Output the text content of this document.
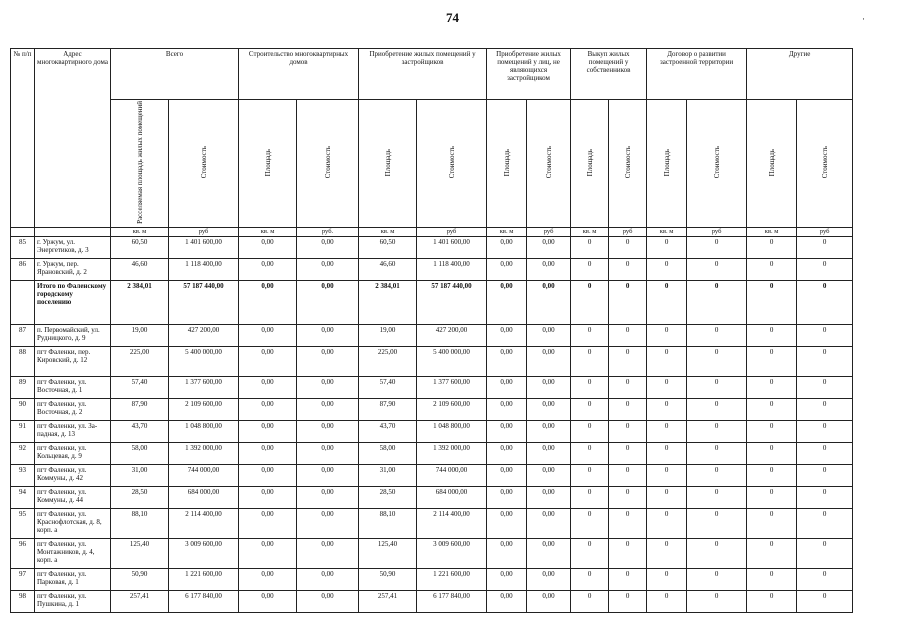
74	·
№ п/п	Адрес многоквартирного дома	Всего		Строительство многоквартирных домов		Приобретение жилых помещений у застройщиков		Приобретение жилых помещений у лиц, не являющихся застройщиком		Выкуп жилых помещений у собственников		Договор о развитии застроенной территории		Другие	
		Расселяемая площадь жилых помещений	Стоимость	Площадь	Стоимость	Площадь	Стоимость	Площадь	Стоимость	Площадь	Стоимость	Площадь	Стоимость	Площадь	Стоимость
		кв. м	руб	кв. м	руб.	кв. м	руб	кв. м	руб	кв. м	руб	кв. м	руб	кв. м	руб
85	г. Уржум, ул. Энергетиков, д. 3	60,50	1 401 600,00	0,00	0,00	60,50	1 401 600,00	0,00	0,00	0	0	0	0	0	0
86	г. Уржум, пер. Ярановский, д. 2	46,60	1 118 400,00	0,00	0,00	46,60	1 118 400,00	0,00	0,00	0	0	0	0	0	0
	Итого по Фаленскому городскому поселению	2 384,01	57 187 440,00	0,00	0,00	2 384,01	57 187 440,00	0,00	0,00	0	0	0	0	0	0
87	п. Первомайский, ул. Рудницкого, д. 9	19,00	427 200,00	0,00	0,00	19,00	427 200,00	0,00	0,00	0	0	0	0	0	0
88	пгт Фаленки, пер. Кировский, д. 12	225,00	5 400 000,00	0,00	0,00	225,00	5 400 000,00	0,00	0,00	0	0	0	0	0	0
89	пгт Фаленки, ул. Восточная, д. 1	57,40	1 377 600,00	0,00	0,00	57,40	1 377 600,00	0,00	0,00	0	0	0	0	0	0
90	пгт Фаленки, ул. Восточная, д. 2	87,90	2 109 600,00	0,00	0,00	87,90	2 109 600,00	0,00	0,00	0	0	0	0	0	0
91	пгт Фаленки, ул. За-падная, д. 13	43,70	1 048 800,00	0,00	0,00	43,70	1 048 800,00	0,00	0,00	0	0	0	0	0	0
92	пгт Фаленки, ул. Кольцевая, д. 9	58,00	1 392 000,00	0,00	0,00	58,00	1 392 000,00	0,00	0,00	0	0	0	0	0	0
93	пгт Фаленки, ул. Коммуны, д. 42	31,00	744 000,00	0,00	0,00	31,00	744 000,00	0,00	0,00	0	0	0	0	0	0
94	пгт Фаленки, ул. Коммуны, д. 44	28,50	684 000,00	0,00	0,00	28,50	684 000,00	0,00	0,00	0	0	0	0	0	0
95	пгт Фаленки, ул. Краснофлотская, д. 8, корп. а	88,10	2 114 400,00	0,00	0,00	88,10	2 114 400,00	0,00	0,00	0	0	0	0	0	0
96	пгт Фаленки, ул. Монтажников, д. 4, корп. а	125,40	3 009 600,00	0,00	0,00	125,40	3 009 600,00	0,00	0,00	0	0	0	0	0	0
97	пгт Фаленки, ул. Парковая, д. 1	50,90	1 221 600,00	0,00	0,00	50,90	1 221 600,00	0,00	0,00	0	0	0	0	0	0
98	пгт Фаленки, ул. Пушкина, д. 1	257,41	6 177 840,00	0,00	0,00	257,41	6 177 840,00	0,00	0,00	0	0	0	0	0	0
